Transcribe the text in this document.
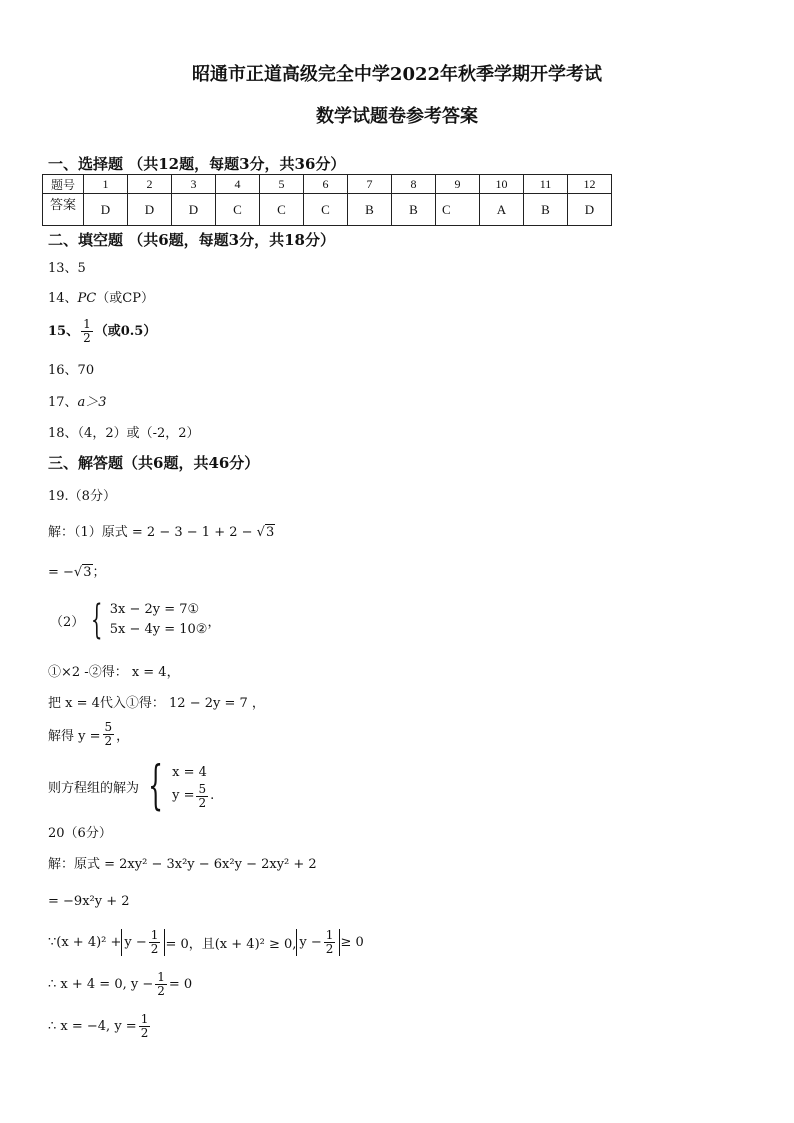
昭通市正道高级完全中学2022年秋季学期开学考试
数学试题卷参考答案
一、选择题 （共12题，每题3分，共36分）
题号	1	2	3	4	5	6	7	8	9	10	11	12
答案	D	D	D	C	C	C	B	B	C	A	B	D
二、填空题 （共6题，每题3分，共18分）
13、5
14、PC（或CP）
15、 $\frac{1}{2}$ （或0.5）
16、70
17、a＞3
18、（4，2）或（-2，2）
三、解答题（共6题，共46分）
19.（8分）
解：（1）原式 = 2 − 3 − 1 + 2 − √3
= −√3；
（2） { 3x − 2y = 7①
5x − 4y = 10② ，
①×2 -②得： x = 4，
把 x = 4代入①得： 12 − 2y = 7 ，
解得 $y = \frac{5}{2}$ ，
则方程组的解为 { x = 4
$y = \frac{5}{2}$ .
20（6分）
解：原式 = 2xy² − 3x²y − 6x²y − 2xy² + 2
= −9x²y + 2
∵(x + $4)^2 + y - \frac{1}{2} = 0$，且(x + 4)² ≥ 0, $y - \frac{1}{2} \ge 0$
∴ x + 4 = 0, $y - \frac{1}{2} = 0$
∴ x = −4, $y = \frac{1}{2}$
